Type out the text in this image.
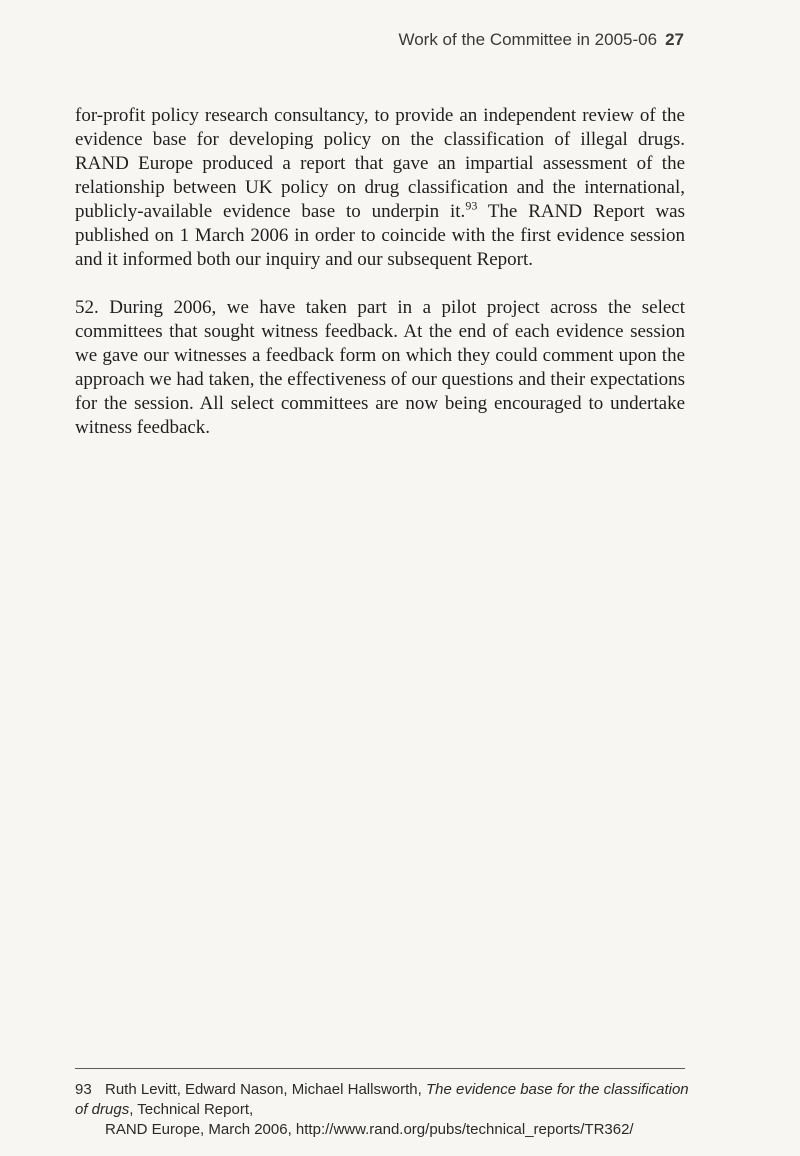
Work of the Committee in 2005-06 27

for-profit policy research consultancy, to provide an independent review of the evidence base for developing policy on the classification of illegal drugs. RAND Europe produced a report that gave an impartial assessment of the relationship between UK policy on drug classification and the international, publicly-available evidence base to underpin it.$^{93}$ The RAND Report was published on 1 March 2006 in order to coincide with the first evidence session and it informed both our inquiry and our subsequent Report.

52. During 2006, we have taken part in a pilot project across the select committees that sought witness feedback. At the end of each evidence session we gave our witnesses a feedback form on which they could comment upon the approach we had taken, the effectiveness of our questions and their expectations for the session. All select committees are now being encouraged to undertake witness feedback.

93 Ruth Levitt, Edward Nason, Michael Hallsworth, The evidence base for the classification of drugs, Technical Report,
RAND Europe, March 2006, http://www.rand.org/pubs/technical_reports/TR362/
